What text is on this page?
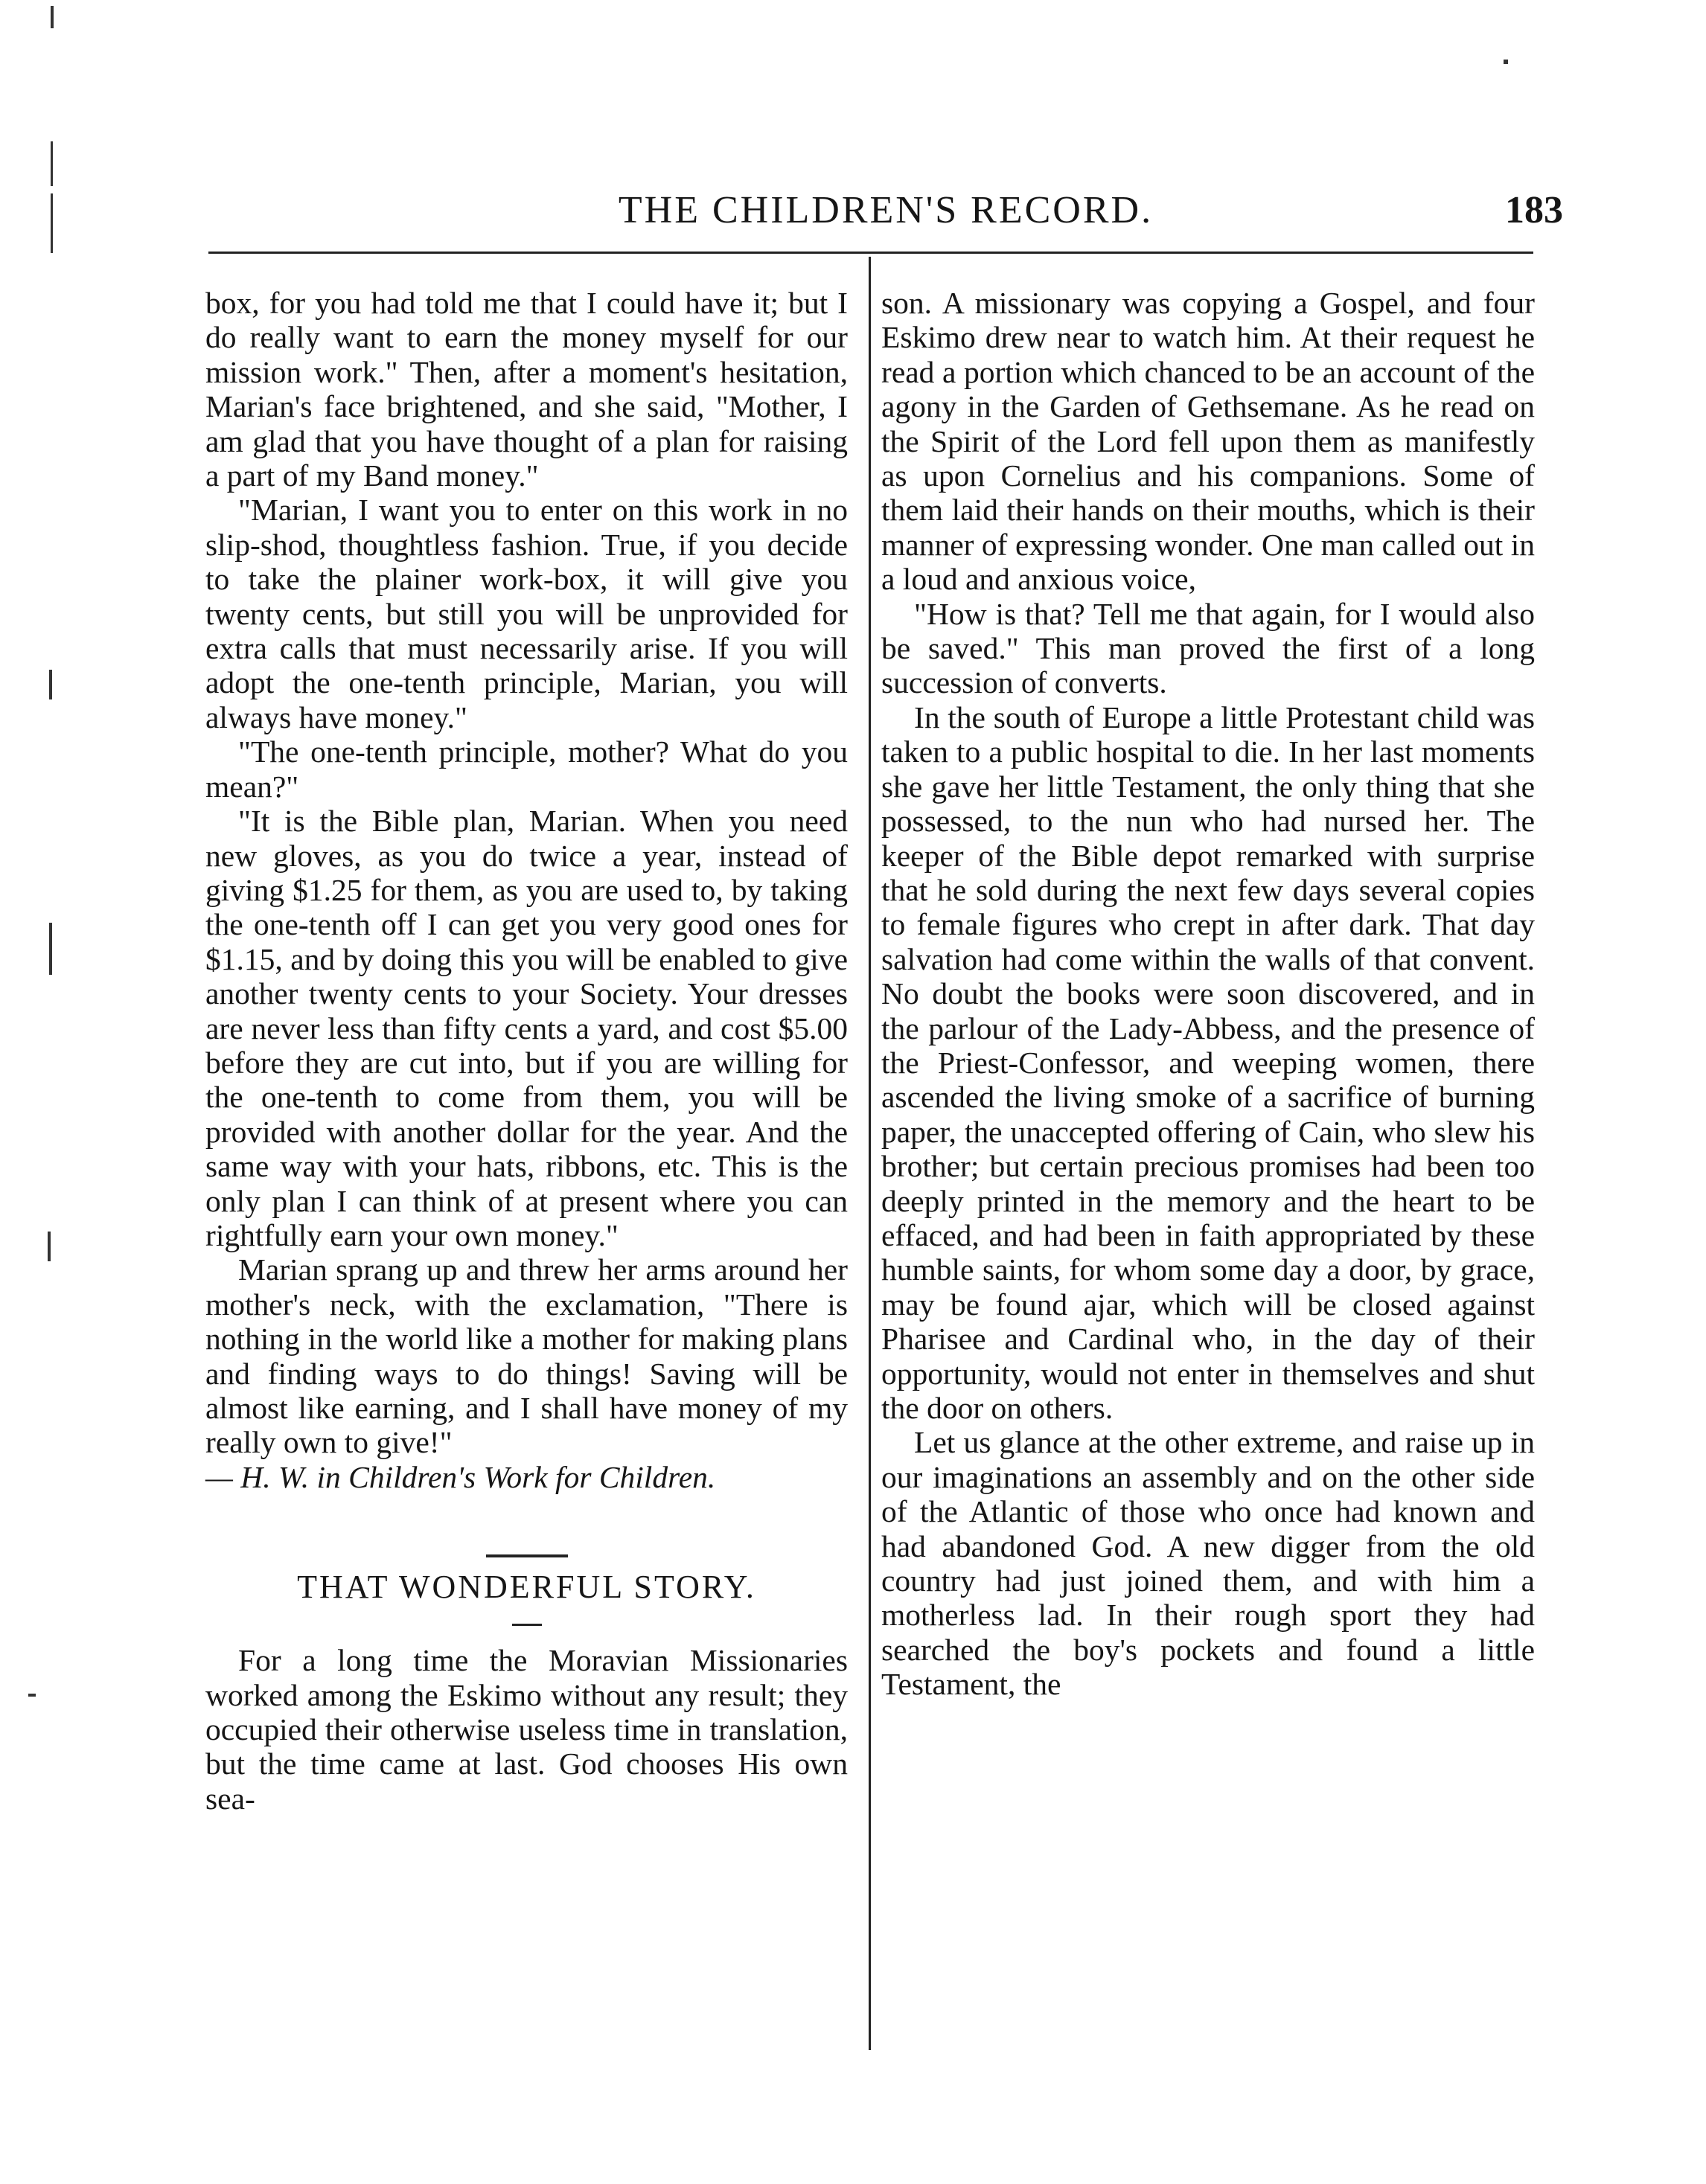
THE CHILDREN'S RECORD.	183

box, for you had told me that I could have it; but I do really want to earn the money myself for our mission work." Then, after a moment's hesitation, Marian's face brightened, and she said, "Mother, I am glad that you have thought of a plan for raising a part of my Band money."

"Marian, I want you to enter on this work in no slip-shod, thoughtless fashion. True, if you decide to take the plainer work-box, it will give you twenty cents, but still you will be unprovided for extra calls that must necessarily arise. If you will adopt the one-tenth principle, Marian, you will always have money."

"The one-tenth principle, mother? What do you mean?"

"It is the Bible plan, Marian. When you need new gloves, as you do twice a year, instead of giving $1.25 for them, as you are used to, by taking the one-tenth off I can get you very good ones for $1.15, and by doing this you will be enabled to give another twenty cents to your Society. Your dresses are never less than fifty cents a yard, and cost $5.00 before they are cut into, but if you are willing for the one-tenth to come from them, you will be provided with another dollar for the year. And the same way with your hats, ribbons, etc. This is the only plan I can think of at present where you can rightfully earn your own money."

Marian sprang up and threw her arms around her mother's neck, with the exclamation, "There is nothing in the world like a mother for making plans and finding ways to do things! Saving will be almost like earning, and I shall have money of my really own to give!"

— H. W. in Children's Work for Children.

THAT WONDERFUL STORY.

For a long time the Moravian Missionaries worked among the Eskimo without any result; they occupied their otherwise useless time in translation, but the time came at last. God chooses His own sea-

son. A missionary was copying a Gospel, and four Eskimo drew near to watch him. At their request he read a portion which chanced to be an account of the agony in the Garden of Gethsemane. As he read on the Spirit of the Lord fell upon them as manifestly as upon Cornelius and his companions. Some of them laid their hands on their mouths, which is their manner of expressing wonder. One man called out in a loud and anxious voice,

"How is that? Tell me that again, for I would also be saved." This man proved the first of a long succession of converts.

In the south of Europe a little Protestant child was taken to a public hospital to die. In her last moments she gave her little Testament, the only thing that she possessed, to the nun who had nursed her. The keeper of the Bible depot remarked with surprise that he sold during the next few days several copies to female figures who crept in after dark. That day salvation had come within the walls of that convent. No doubt the books were soon discovered, and in the parlour of the Lady-Abbess, and the presence of the Priest-Confessor, and weeping women, there ascended the living smoke of a sacrifice of burning paper, the unaccepted offering of Cain, who slew his brother; but certain precious promises had been too deeply printed in the memory and the heart to be effaced, and had been in faith appropriated by these humble saints, for whom some day a door, by grace, may be found ajar, which will be closed against Pharisee and Cardinal who, in the day of their opportunity, would not enter in themselves and shut the door on others.

Let us glance at the other extreme, and raise up in our imaginations an assembly and on the other side of the Atlantic of those who once had known and had abandoned God. A new digger from the old country had just joined them, and with him a motherless lad. In their rough sport they had searched the boy's pockets and found a little Testament, the
